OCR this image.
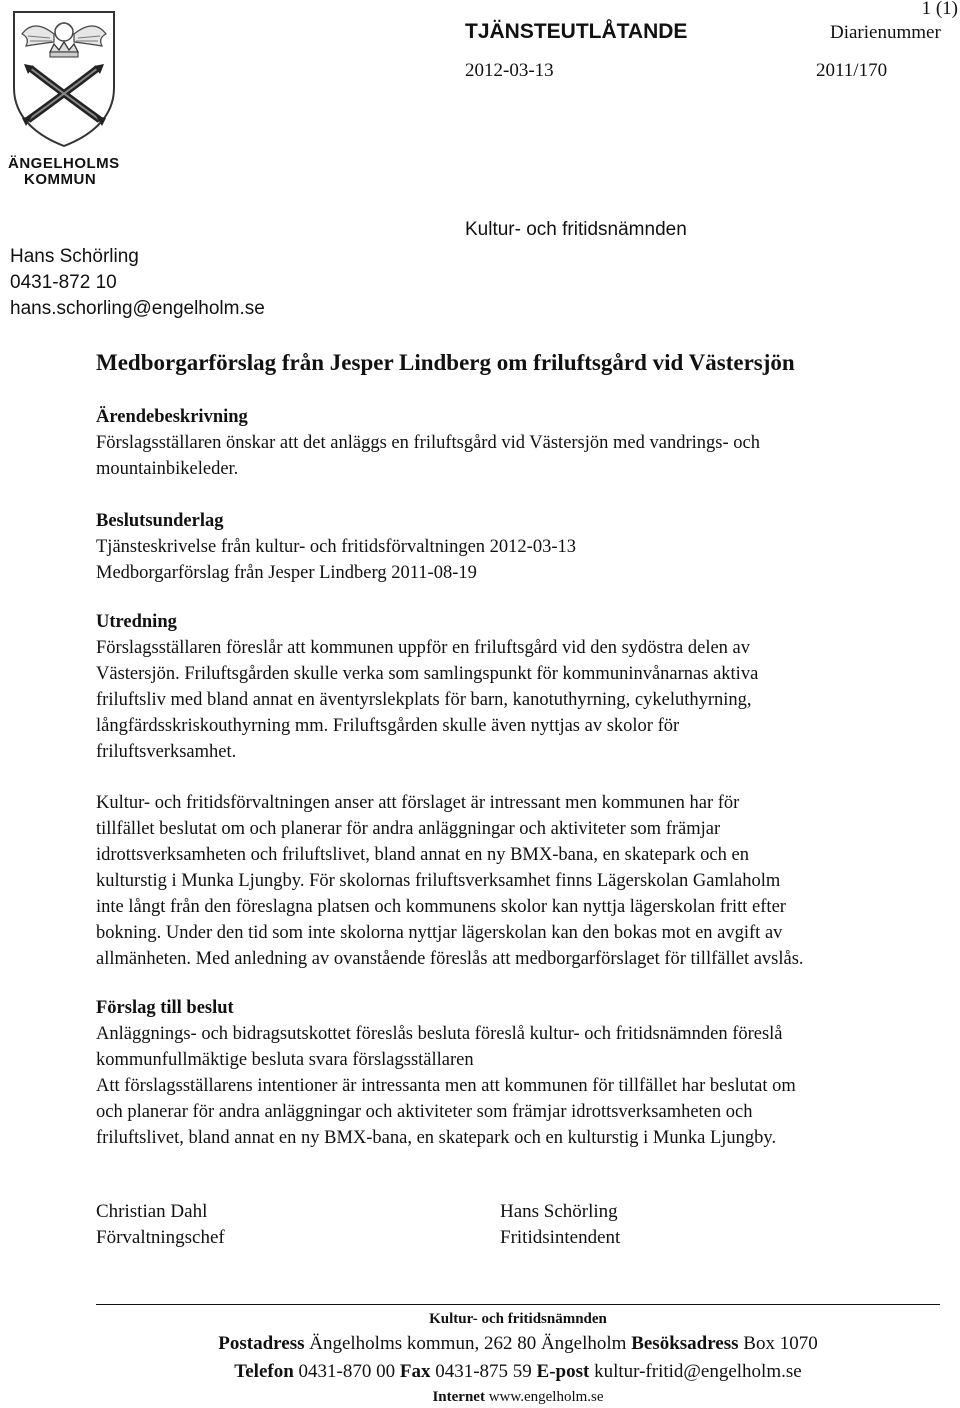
1 (1)
TJÄNSTEUTLÅTANDE	Diarienummer
2012-03-13	2011/170
ÄNGELHOLMS
KOMMUN
Kultur- och fritidsnämnden
Hans Schörling
0431-872 10
hans.schorling@engelholm.se
Medborgarförslag från Jesper Lindberg om friluftsgård vid Västersjön
Ärendebeskrivning
Förslagsställaren önskar att det anläggs en friluftsgård vid Västersjön med vandrings- och
mountainbikeleder.
Beslutsunderlag
Tjänsteskrivelse från kultur- och fritidsförvaltningen 2012-03-13
Medborgarförslag från Jesper Lindberg 2011-08-19
Utredning
Förslagsställaren föreslår att kommunen uppför en friluftsgård vid den sydöstra delen av
Västersjön. Friluftsgården skulle verka som samlingspunkt för kommuninvånarnas aktiva
friluftsliv med bland annat en äventyrslekplats för barn, kanotuthyrning, cykeluthyrning,
långfärdsskriskouthyrning mm. Friluftsgården skulle även nyttjas av skolor för
friluftsverksamhet.
Kultur- och fritidsförvaltningen anser att förslaget är intressant men kommunen har för
tillfället beslutat om och planerar för andra anläggningar och aktiviteter som främjar
idrottsverksamheten och friluftslivet, bland annat en ny BMX-bana, en skatepark och en
kulturstig i Munka Ljungby. För skolornas friluftsverksamhet finns Lägerskolan Gamlaholm
inte långt från den föreslagna platsen och kommunens skolor kan nyttja lägerskolan fritt efter
bokning. Under den tid som inte skolorna nyttjar lägerskolan kan den bokas mot en avgift av
allmänheten. Med anledning av ovanstående föreslås att medborgarförslaget för tillfället avslås.
Förslag till beslut
Anläggnings- och bidragsutskottet föreslås besluta föreslå kultur- och fritidsnämnden föreslå
kommunfullmäktige besluta svara förslagsställaren
Att förslagsställarens intentioner är intressanta men att kommunen för tillfället har beslutat om
och planerar för andra anläggningar och aktiviteter som främjar idrottsverksamheten och
friluftslivet, bland annat en ny BMX-bana, en skatepark och en kulturstig i Munka Ljungby.
Christian Dahl
Förvaltningschef
Hans Schörling
Fritidsintendent
Kultur- och fritidsnämnden
Postadress Ängelholms kommun, 262 80 Ängelholm Besöksadress Box 1070
Telefon 0431-870 00 Fax 0431-875 59 E-post kultur-fritid@engelholm.se
Internet www.engelholm.se
